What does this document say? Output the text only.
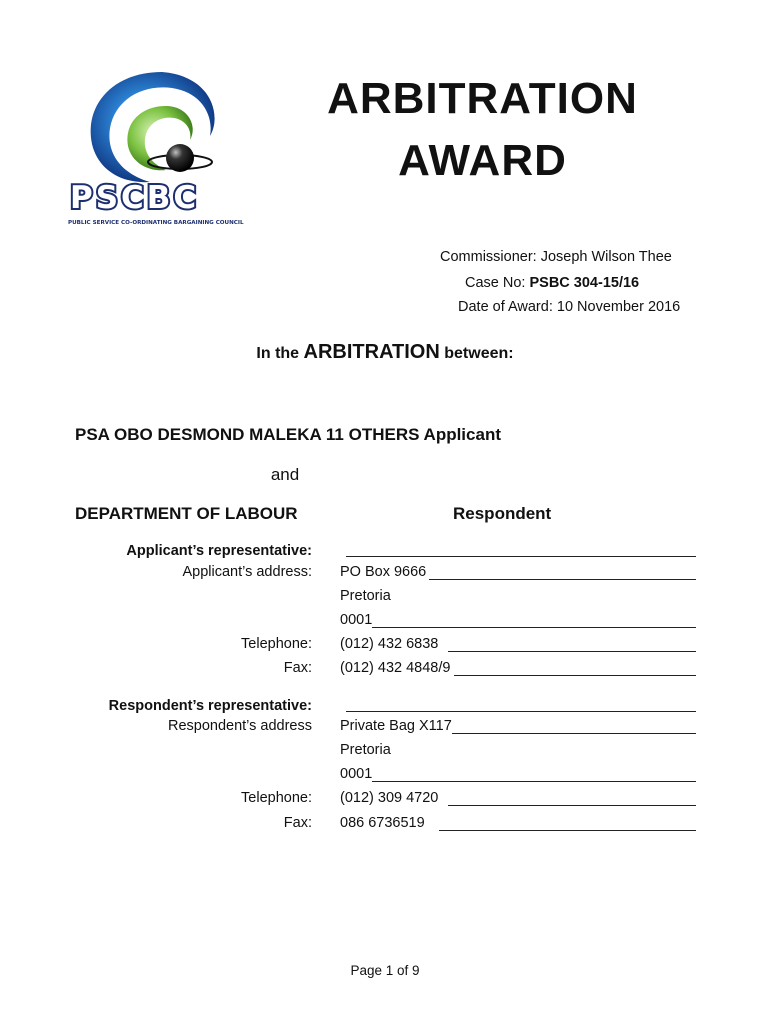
PSCBC
PUBLIC SERVICE CO-ORDINATING BARGAINING COUNCIL
ARBITRATION
AWARD
Commissioner: Joseph Wilson Thee
Case No: PSBC 304-15/16
Date of Award: 10 November 2016
In the ARBITRATION between:
PSA OBO DESMOND MALEKA 11 OTHERS Applicant
and
DEPARTMENT OF LABOUR	Respondent
Applicant’s representative:
Applicant’s address: PO Box 9666
Pretoria
0001
Telephone: (012) 432 6838
Fax: (012) 432 4848/9
Respondent’s representative:
Respondent’s address Private Bag X117
Pretoria
0001
Telephone: (012) 309 4720
Fax: 086 6736519
Page 1 of 9
